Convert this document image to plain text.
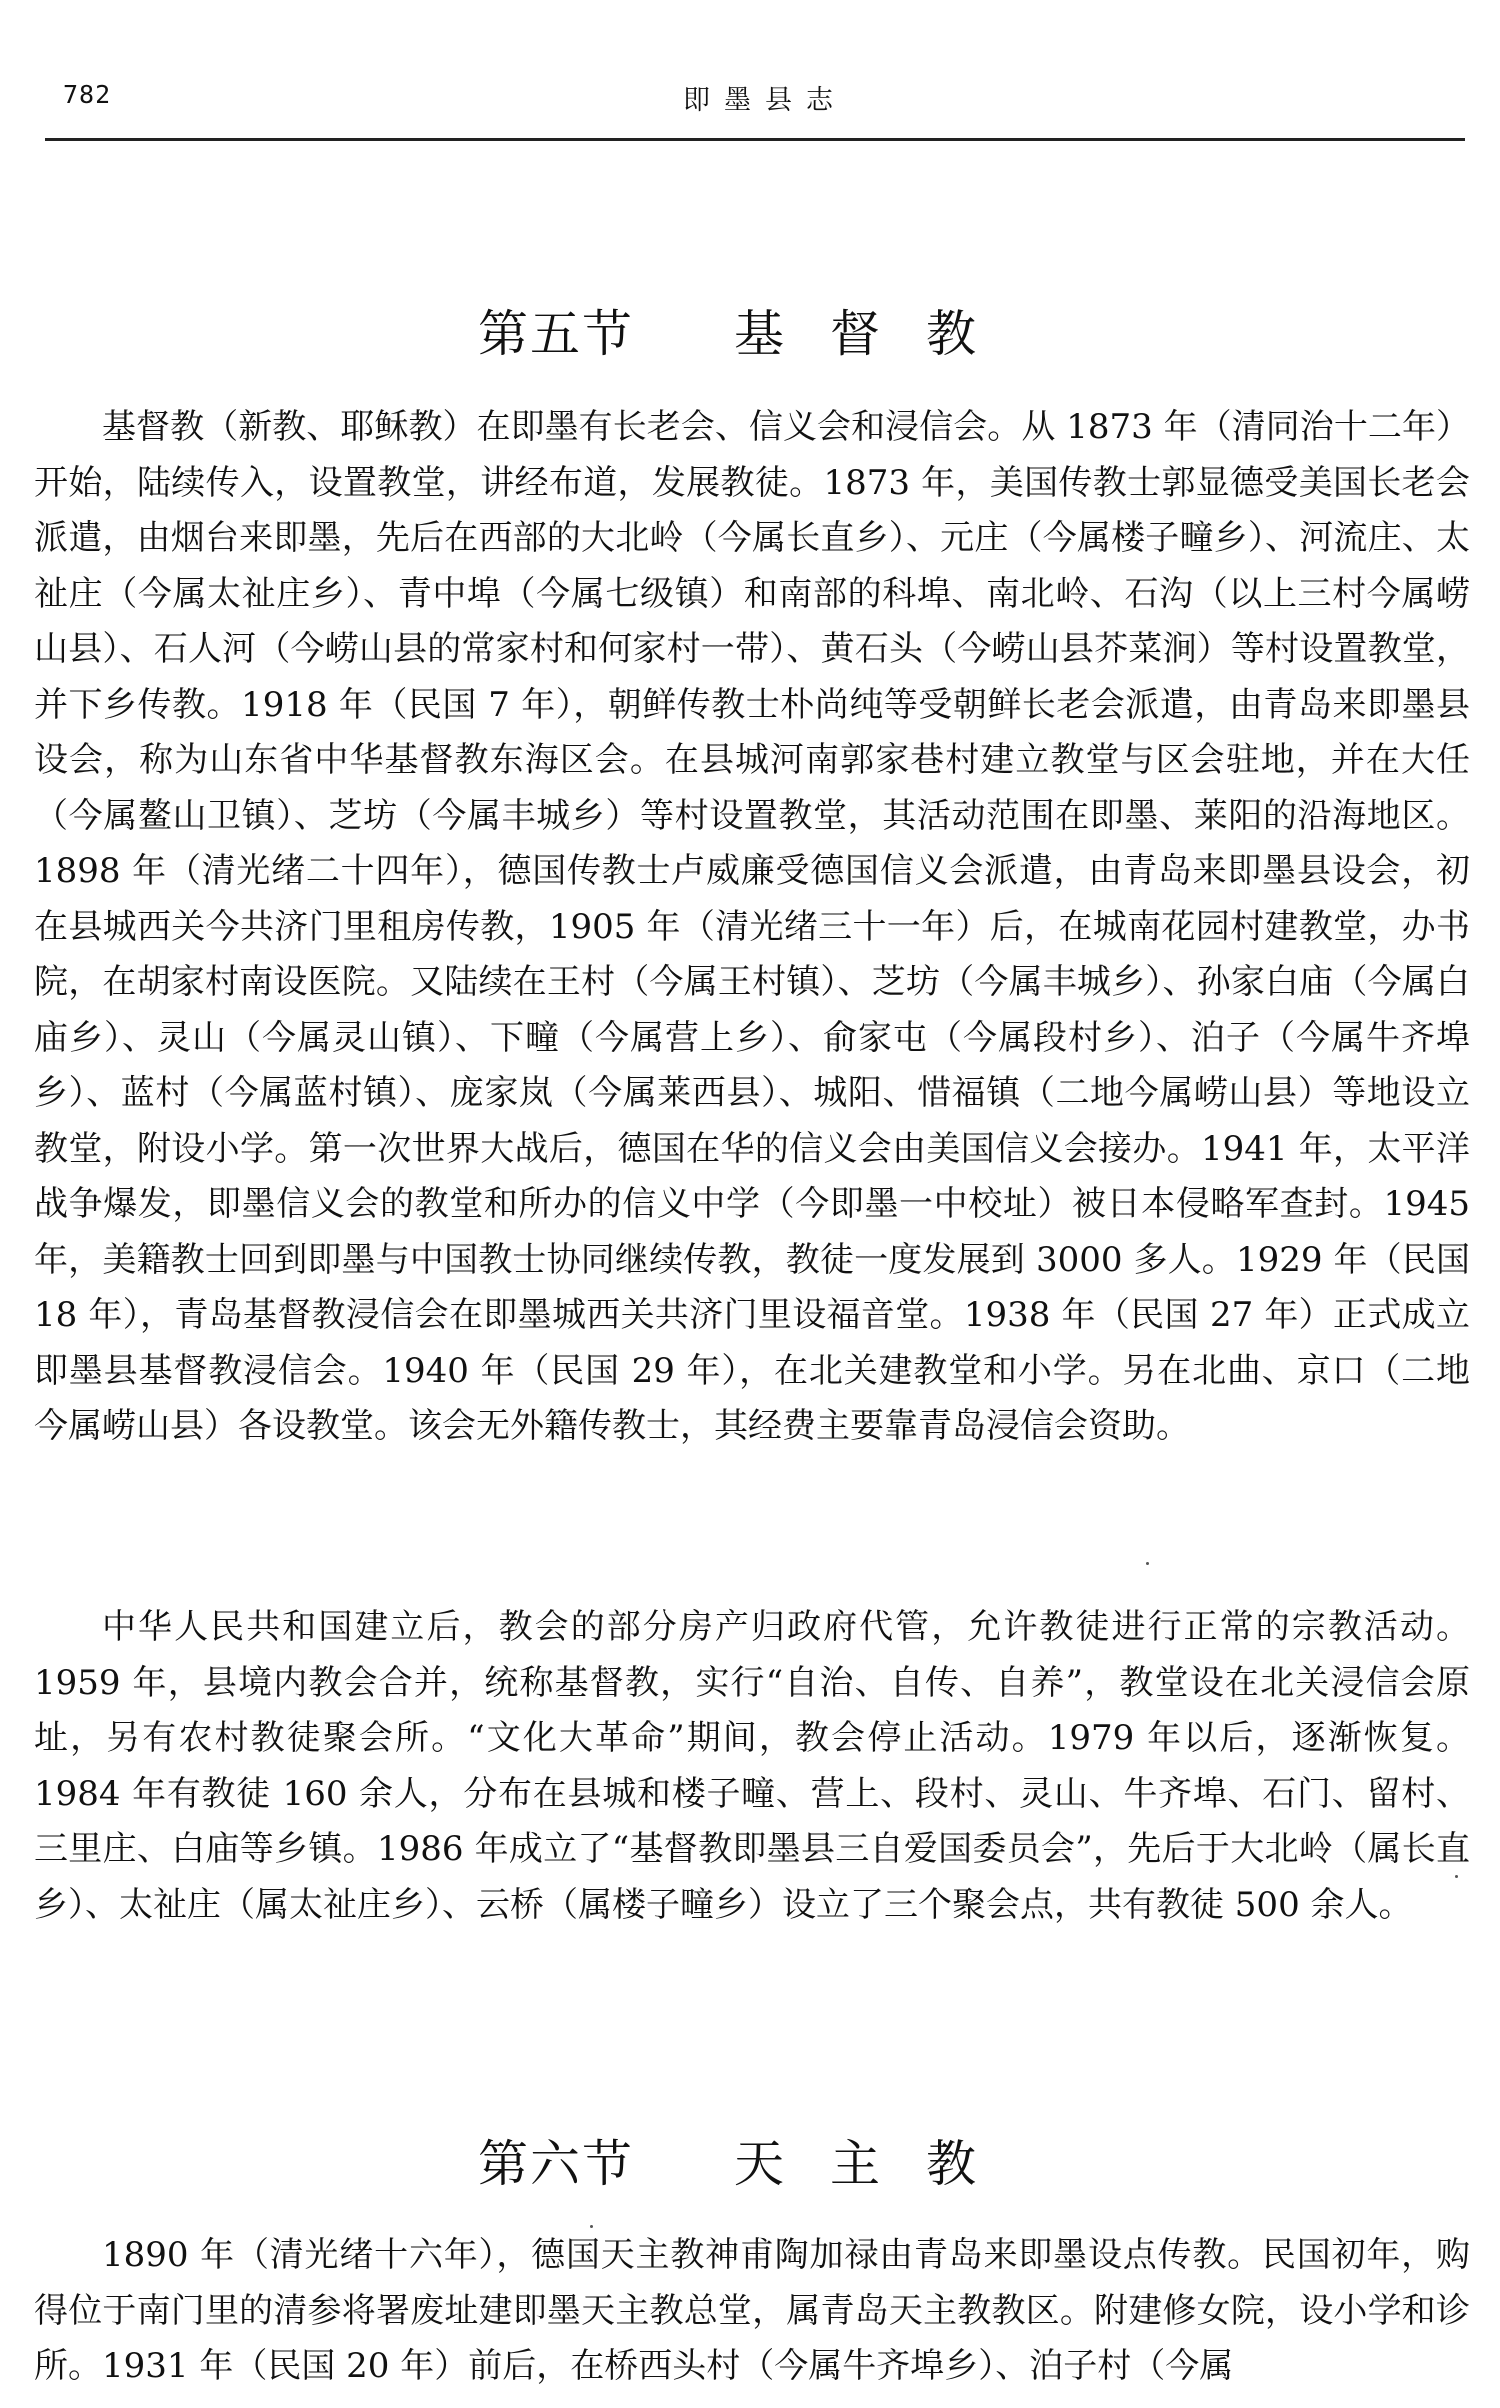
782	即墨县志
第五节 基督教

基督教（新教、耶稣教）在即墨有长老会、信义会和浸信会。从 1873 年（清同治十二年）开始，陆续传入，设置教堂，讲经布道，发展教徒。1873 年，美国传教士郭显德受美国长老会派遣，由烟台来即墨，先后在西部的大北岭（今属长直乡）、元庄（今属楼子疃乡）、河流庄、太祉庄（今属太祉庄乡）、青中埠（今属七级镇）和南部的科埠、南北岭、石沟（以上三村今属崂山县）、石人河（今崂山县的常家村和何家村一带）、黄石头（今崂山县芥菜涧）等村设置教堂，并下乡传教。1918 年（民国 7 年），朝鲜传教士朴尚纯等受朝鲜长老会派遣，由青岛来即墨县设会，称为山东省中华基督教东海区会。在县城河南郭家巷村建立教堂与区会驻地，并在大任（今属鳌山卫镇）、芝坊（今属丰城乡）等村设置教堂，其活动范围在即墨、莱阳的沿海地区。1898 年（清光绪二十四年），德国传教士卢威廉受德国信义会派遣，由青岛来即墨县设会，初在县城西关今共济门里租房传教，1905 年（清光绪三十一年）后，在城南花园村建教堂，办书院，在胡家村南设医院。又陆续在王村（今属王村镇）、芝坊（今属丰城乡）、孙家白庙（今属白庙乡）、灵山（今属灵山镇）、下疃（今属营上乡）、俞家屯（今属段村乡）、泊子（今属牛齐埠乡）、蓝村（今属蓝村镇）、庞家岚（今属莱西县）、城阳、惜福镇（二地今属崂山县）等地设立教堂，附设小学。第一次世界大战后，德国在华的信义会由美国信义会接办。1941 年，太平洋战争爆发，即墨信义会的教堂和所办的信义中学（今即墨一中校址）被日本侵略军查封。1945 年，美籍教士回到即墨与中国教士协同继续传教，教徒一度发展到 3000 多人。1929 年（民国 18 年），青岛基督教浸信会在即墨城西关共济门里设福音堂。1938 年（民国 27 年）正式成立即墨县基督教浸信会。1940 年（民国 29 年），在北关建教堂和小学。另在北曲、京口（二地今属崂山县）各设教堂。该会无外籍传教士，其经费主要靠青岛浸信会资助。

中华人民共和国建立后，教会的部分房产归政府代管，允许教徒进行正常的宗教活动。1959 年，县境内教会合并，统称基督教，实行“自治、自传、自养”，教堂设在北关浸信会原址，另有农村教徒聚会所。“文化大革命”期间，教会停止活动。1979 年以后，逐渐恢复。1984 年有教徒 160 余人，分布在县城和楼子疃、营上、段村、灵山、牛齐埠、石门、留村、三里庄、白庙等乡镇。1986 年成立了“基督教即墨县三自爱国委员会”，先后于大北岭（属长直乡）、太祉庄（属太祉庄乡）、云桥（属楼子疃乡）设立了三个聚会点，共有教徒 500 余人。

第六节 天主教

1890 年（清光绪十六年），德国天主教神甫陶加禄由青岛来即墨设点传教。民国初年，购得位于南门里的清参将署废址建即墨天主教总堂，属青岛天主教教区。附建修女院，设小学和诊所。1931 年（民国 20 年）前后，在桥西头村（今属牛齐埠乡）、泊子村（今属
